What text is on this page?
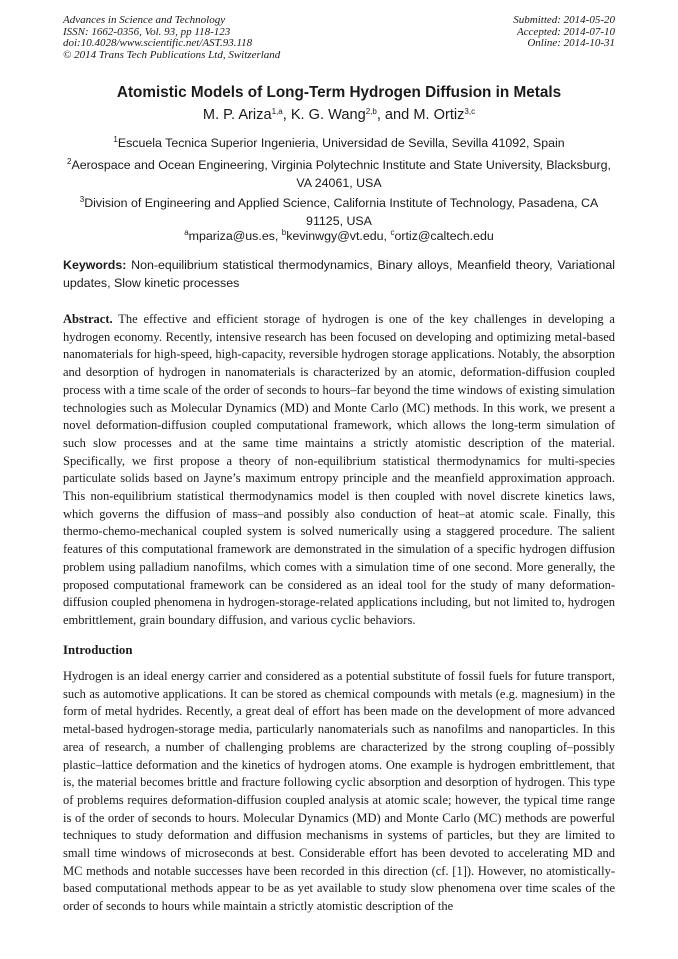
Advances in Science and Technology
ISSN: 1662-0356, Vol. 93, pp 118-123
doi:10.4028/www.scientific.net/AST.93.118
© 2014 Trans Tech Publications Ltd, Switzerland
Submitted: 2014-05-20
Accepted: 2014-07-10
Online: 2014-10-31
Atomistic Models of Long-Term Hydrogen Diffusion in Metals
M. P. Ariza$^{1,a}$, K. G. Wang$^{2,b}$, and M. Ortiz$^{3,c}$
$^1$Escuela Tecnica Superior Ingenieria, Universidad de Sevilla, Sevilla 41092, Spain
$^2$Aerospace and Ocean Engineering, Virginia Polytechnic Institute and State University, Blacksburg, VA 24061, USA
$^3$Division of Engineering and Applied Science, California Institute of Technology, Pasadena, CA 91125, USA
$^a$mpariza@us.es, $^b$kevinwgy@vt.edu, $^c$ortiz@caltech.edu
Keywords: Non-equilibrium statistical thermodynamics, Binary alloys, Meanfield theory, Variational updates, Slow kinetic processes
Abstract. The effective and efficient storage of hydrogen is one of the key challenges in developing a hydrogen economy. Recently, intensive research has been focused on developing and optimizing metal-based nanomaterials for high-speed, high-capacity, reversible hydrogen storage applications. Notably, the absorption and desorption of hydrogen in nanomaterials is characterized by an atomic, deformation-diffusion coupled process with a time scale of the order of seconds to hours–far beyond the time windows of existing simulation technologies such as Molecular Dynamics (MD) and Monte Carlo (MC) methods. In this work, we present a novel deformation-diffusion coupled computational framework, which allows the long-term simulation of such slow processes and at the same time maintains a strictly atomistic description of the material. Specifically, we first propose a theory of non-equilibrium statistical thermodynamics for multi-species particulate solids based on Jayne’s maximum entropy principle and the meanfield approximation approach. This non-equilibrium statistical thermodynamics model is then coupled with novel discrete kinetics laws, which governs the diffusion of mass–and possibly also conduction of heat–at atomic scale. Finally, this thermo-chemo-mechanical coupled system is solved numerically using a staggered procedure. The salient features of this computational framework are demonstrated in the simulation of a specific hydrogen diffusion problem using palladium nanofilms, which comes with a simulation time of one second. More generally, the proposed computational framework can be considered as an ideal tool for the study of many deformation-diffusion coupled phenomena in hydrogen-storage-related applications including, but not limited to, hydrogen embrittlement, grain boundary diffusion, and various cyclic behaviors.
Introduction
Hydrogen is an ideal energy carrier and considered as a potential substitute of fossil fuels for future transport, such as automotive applications. It can be stored as chemical compounds with metals (e.g. magnesium) in the form of metal hydrides. Recently, a great deal of effort has been made on the development of more advanced metal-based hydrogen-storage media, particularly nanomaterials such as nanofilms and nanoparticles. In this area of research, a number of challenging problems are characterized by the strong coupling of–possibly plastic–lattice deformation and the kinetics of hydrogen atoms. One example is hydrogen embrittlement, that is, the material becomes brittle and fracture following cyclic absorption and desorption of hydrogen. This type of problems requires deformation-diffusion coupled analysis at atomic scale; however, the typical time range is of the order of seconds to hours. Molecular Dynamics (MD) and Monte Carlo (MC) methods are powerful techniques to study deformation and diffusion mechanisms in systems of particles, but they are limited to small time windows of microseconds at best. Considerable effort has been devoted to accelerating MD and MC methods and notable successes have been recorded in this direction (cf. [1]). However, no atomistically-based computational methods appear to be as yet available to study slow phenomena over time scales of the order of seconds to hours while maintain a strictly atomistic description of the
